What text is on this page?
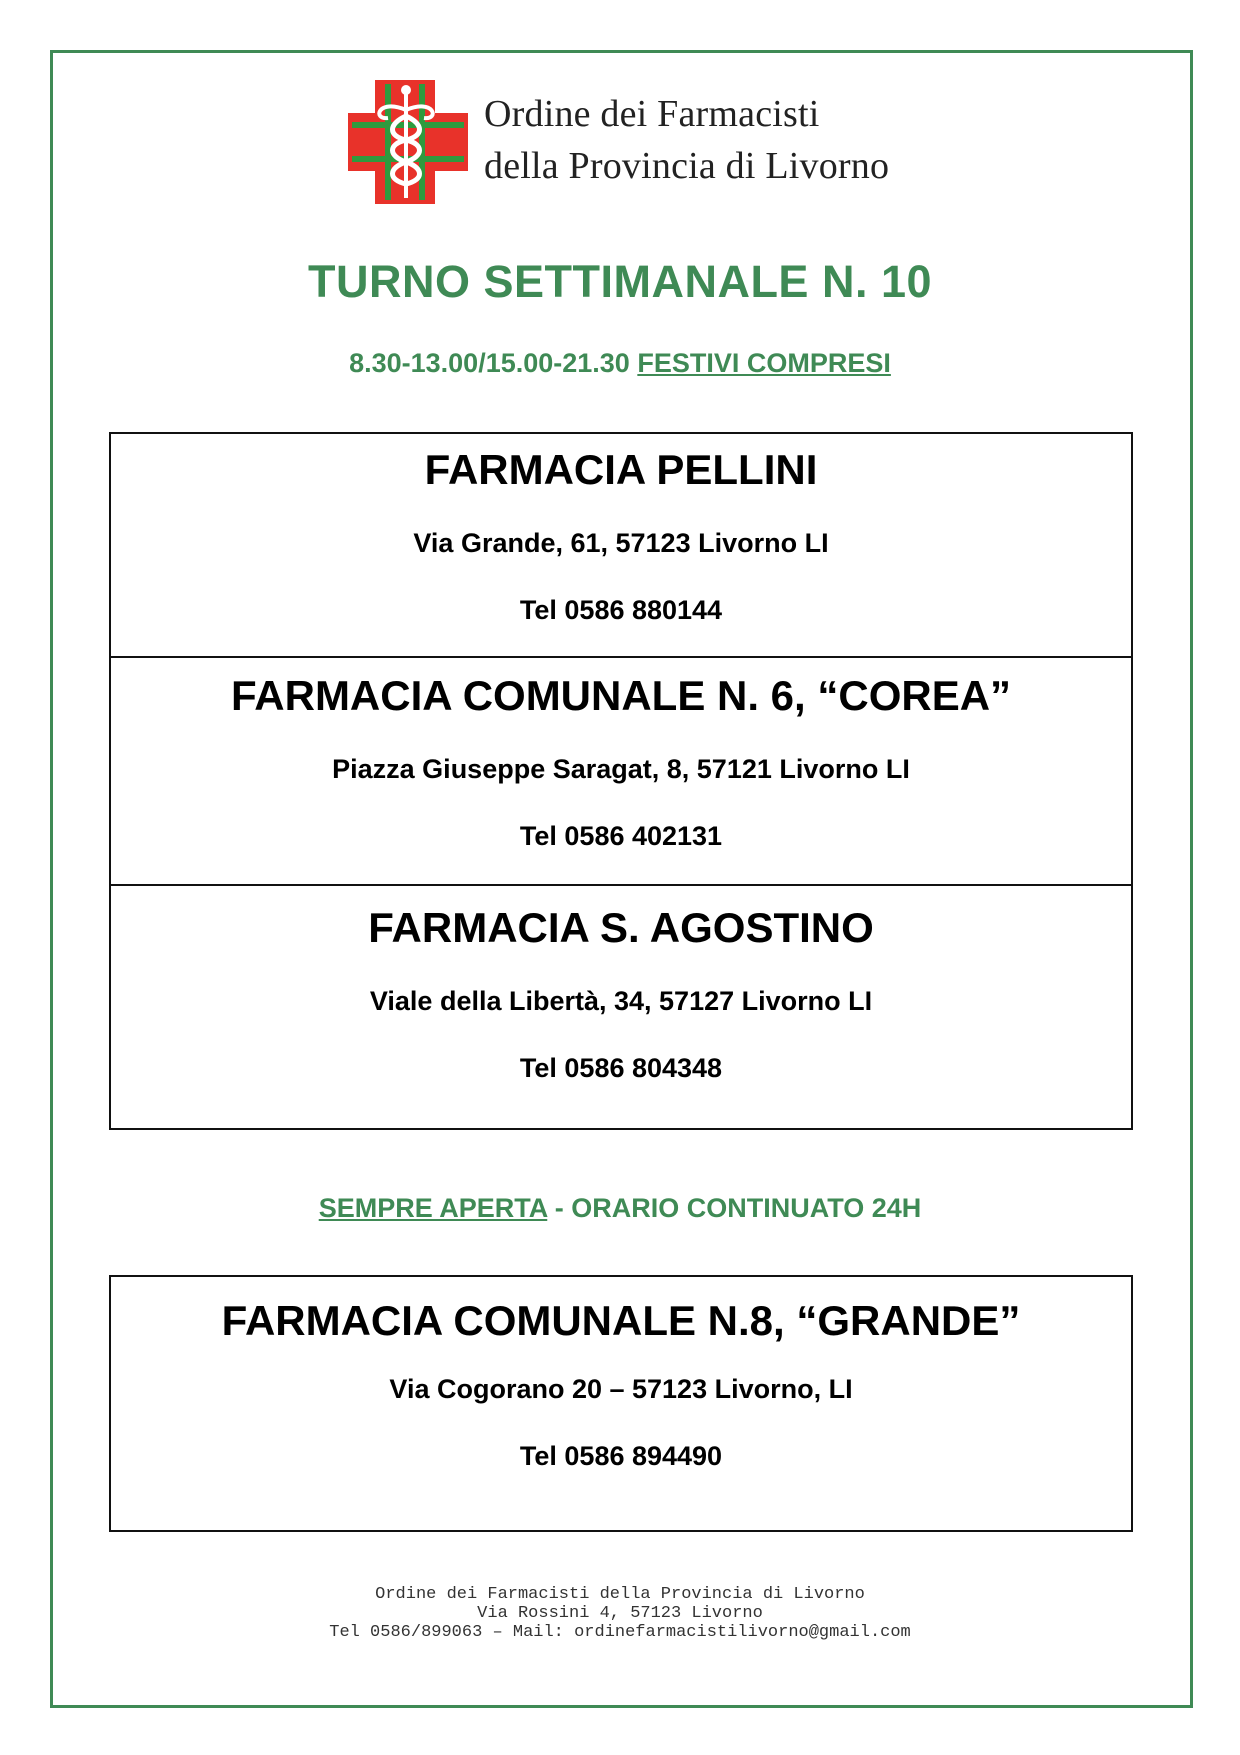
Ordine dei Farmacisti
della Provincia di Livorno
TURNO SETTIMANALE N. 10
8.30-13.00/15.00-21.30 FESTIVI COMPRESI
FARMACIA PELLINI
Via Grande, 61, 57123 Livorno LI
Tel 0586 880144
FARMACIA COMUNALE N. 6, “COREA”
Piazza Giuseppe Saragat, 8, 57121 Livorno LI
Tel 0586 402131
FARMACIA S. AGOSTINO
Viale della Libertà, 34, 57127 Livorno LI
Tel 0586 804348
SEMPRE APERTA - ORARIO CONTINUATO 24H
FARMACIA COMUNALE N.8, “GRANDE”
Via Cogorano 20 – 57123 Livorno, LI
Tel 0586 894490
Ordine dei Farmacisti della Provincia di Livorno
Via Rossini 4, 57123 Livorno
Tel 0586/899063 – Mail: ordinefarmacistilivorno@gmail.com
